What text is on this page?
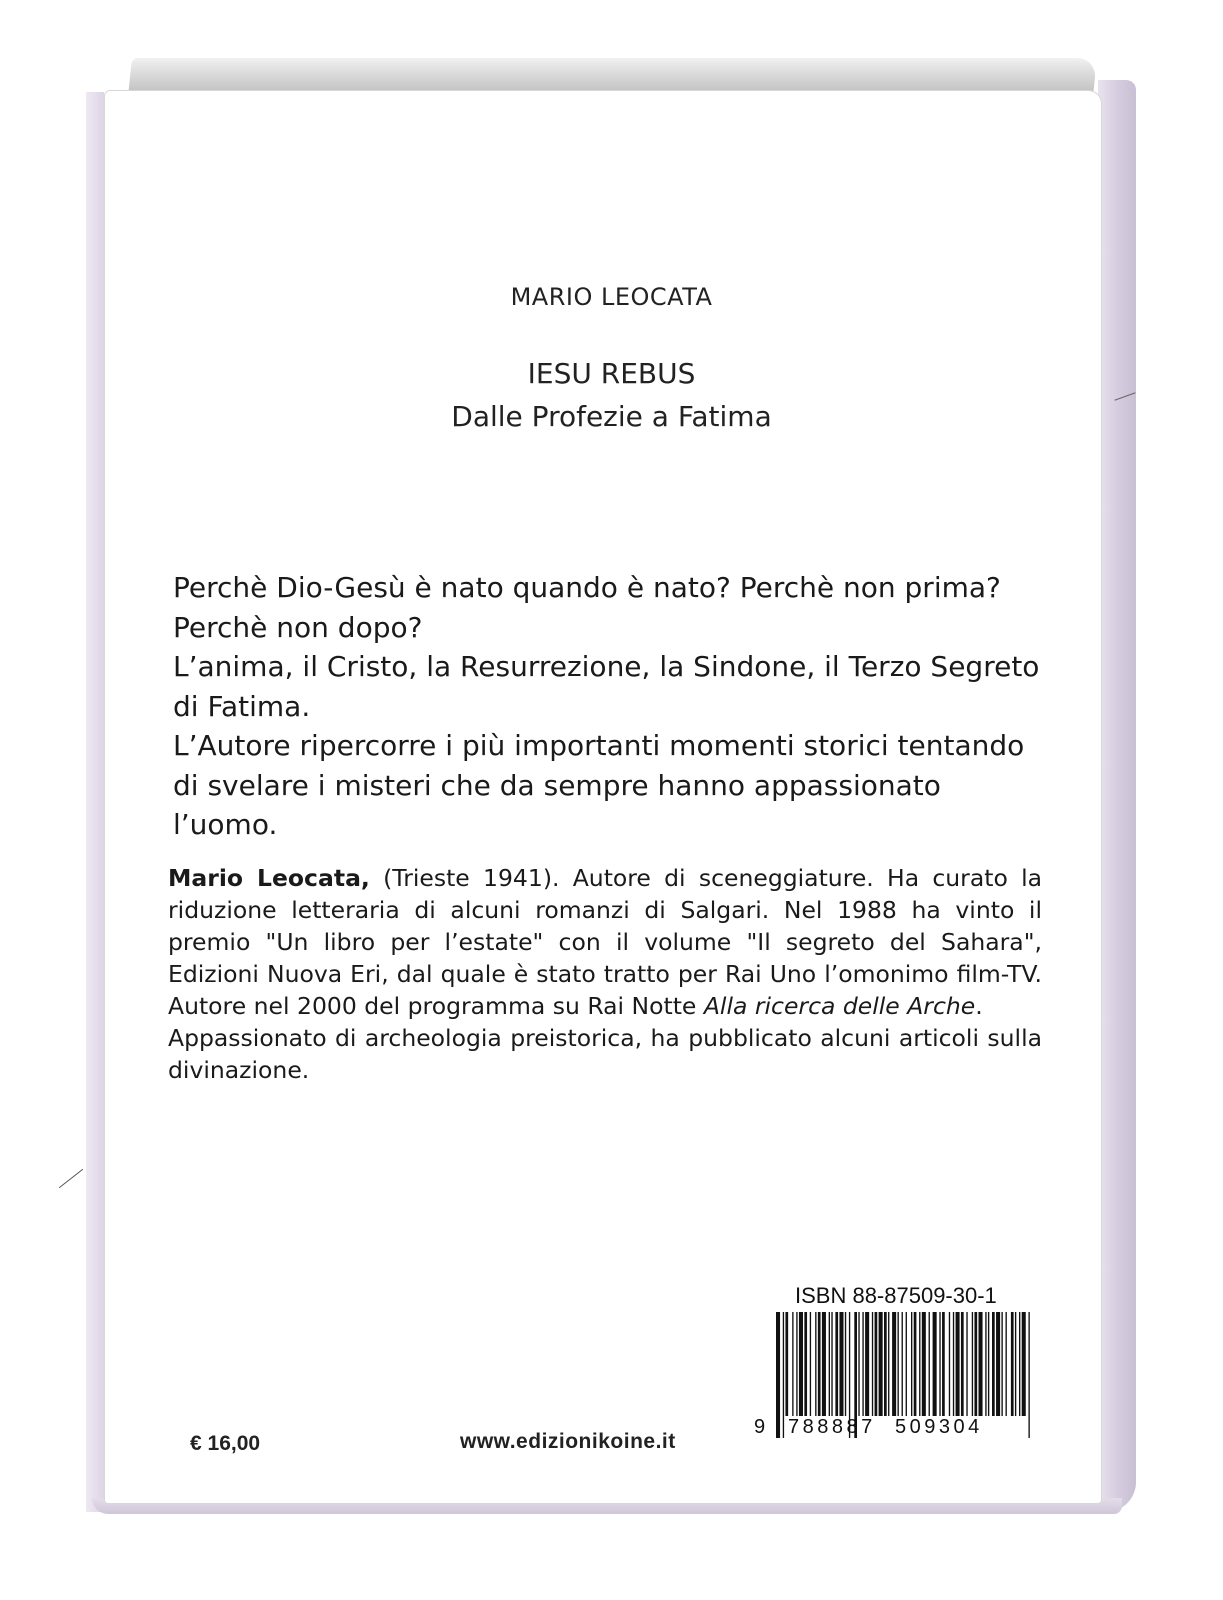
MARIO LEOCATA
IESU REBUS
Dalle Profezie a Fatima

Perchè Dio-Gesù è nato quando è nato? Perchè non prima? Perchè non dopo?

L’anima, il Cristo, la Resurrezione, la Sindone, il Terzo Segreto di Fatima.

L’Autore ripercorre i più importanti momenti storici tentando di svelare i misteri che da sempre hanno appassionato l’uomo.

Mario Leocata, (Trieste 1941). Autore di sceneggiature. Ha curato la riduzione letteraria di alcuni romanzi di Salgari. Nel 1988 ha vinto il premio "Un libro per l’estate" con il volume "Il segreto del Sahara", Edizioni Nuova Eri, dal quale è stato tratto per Rai Uno l’omonimo film-TV. Autore nel 2000 del programma su Rai Notte Alla ricerca delle Arche.

Appassionato di archeologia preistorica, ha pubblicato alcuni articoli sulla divinazione.

ISBN 88-87509-30-1
9 788887 509304
€ 16,00	www.edizionikoine.it
